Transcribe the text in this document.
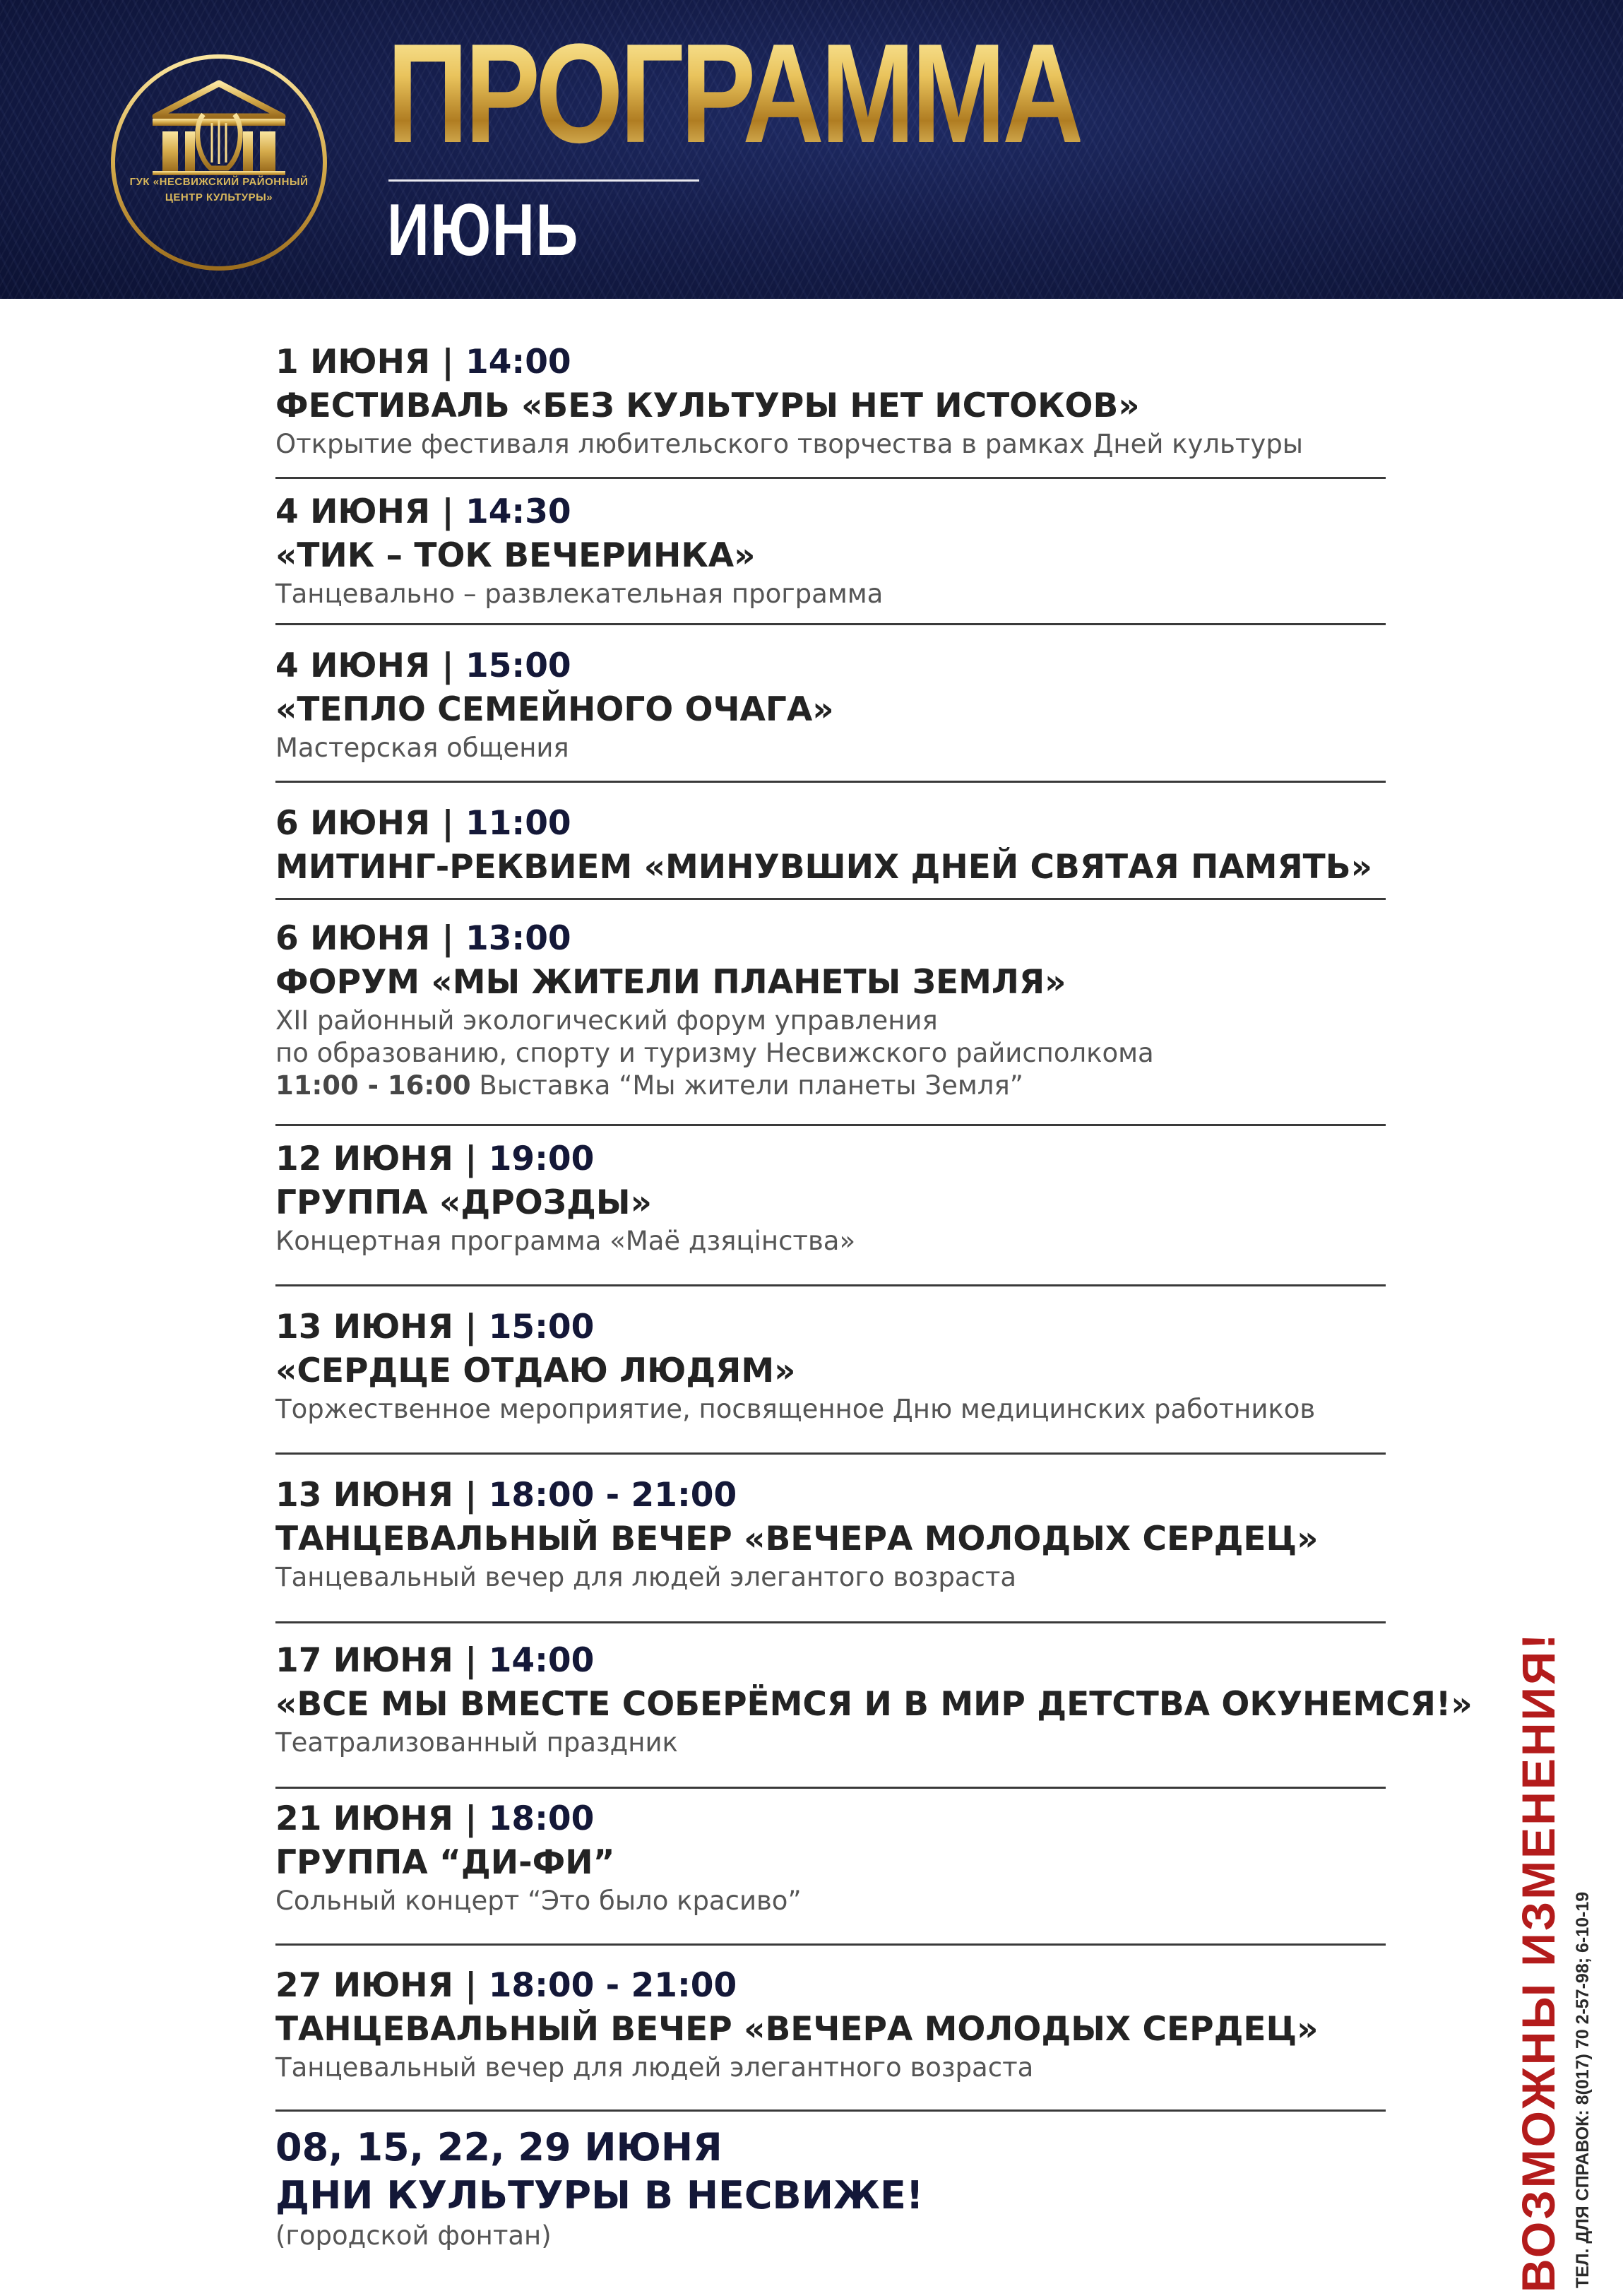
ГУК «НЕСВИЖСКИЙ РАЙОННЫЙ
ЦЕНТР КУЛЬТУРЫ»
ПРОГРАММА
ИЮНЬ
1 ИЮНЯ | 14:00
ФЕСТИВАЛЬ «БЕЗ КУЛЬТУРЫ НЕТ ИСТОКОВ»
Открытие фестиваля любительского творчества в рамках Дней культуры
4 ИЮНЯ | 14:30
«ТИК – ТОК ВЕЧЕРИНКА»
Танцевально – развлекательная программа
4 ИЮНЯ | 15:00
«ТЕПЛО СЕМЕЙНОГО ОЧАГА»
Мастерская общения
6 ИЮНЯ | 11:00
МИТИНГ-РЕКВИЕМ «МИНУВШИХ ДНЕЙ СВЯТАЯ ПАМЯТЬ»
6 ИЮНЯ | 13:00
ФОРУМ «МЫ ЖИТЕЛИ ПЛАНЕТЫ ЗЕМЛЯ»
XII районный экологический форум управления
по образованию, спорту и туризму Несвижского райисполкома
11:00 - 16:00 Выставка “Мы жители планеты Земля”
12 ИЮНЯ | 19:00
ГРУППА «ДРОЗДЫ»
Концертная программа «Маё дзяцінства»
13 ИЮНЯ | 15:00
«СЕРДЦЕ ОТДАЮ ЛЮДЯМ»
Торжественное мероприятие, посвященное Дню медицинских работников
13 ИЮНЯ | 18:00 - 21:00
ТАНЦЕВАЛЬНЫЙ ВЕЧЕР «ВЕЧЕРА МОЛОДЫХ СЕРДЕЦ»
Танцевальный вечер для людей элегантого возраста
17 ИЮНЯ | 14:00
«ВСЕ МЫ ВМЕСТЕ СОБЕРЁМСЯ И В МИР ДЕТСТВА ОКУНЕМСЯ!»
Театрализованный праздник
21 ИЮНЯ | 18:00
ГРУППА “ДИ-ФИ”
Сольный концерт “Это было красиво”
27 ИЮНЯ | 18:00 - 21:00
ТАНЦЕВАЛЬНЫЙ ВЕЧЕР «ВЕЧЕРА МОЛОДЫХ СЕРДЕЦ»
Танцевальный вечер для людей элегантного возраста
08, 15, 22, 29 ИЮНЯ
ДНИ КУЛЬТУРЫ В НЕСВИЖЕ!
(городской фонтан)	ВОЗМОЖНЫ ИЗМЕНЕНИЯ! ТЕЛ. ДЛЯ СПРАВОК: 8(017) 70 2-57-98; 6-10-19
